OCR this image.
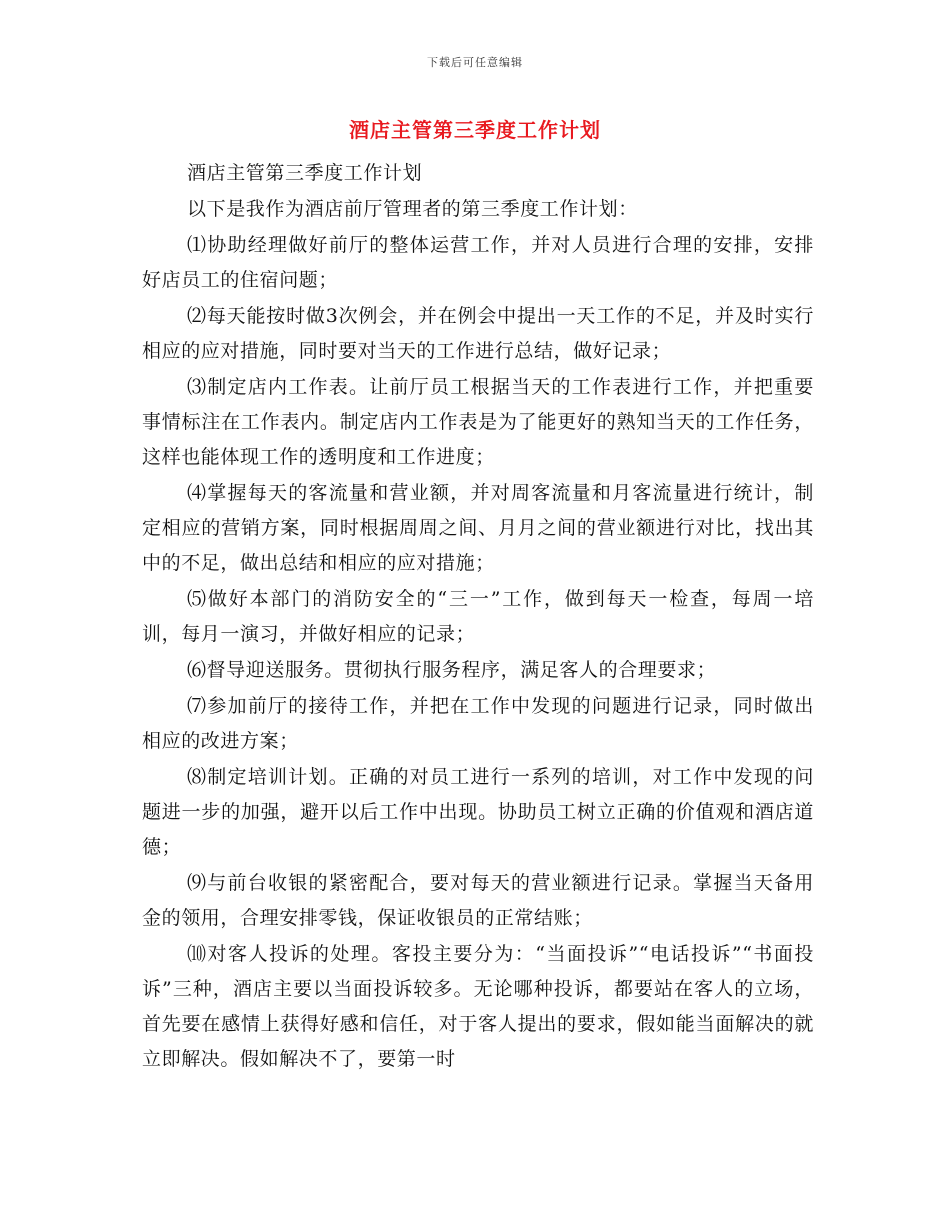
下载后可任意编辑
酒店主管第三季度工作计划

酒店主管第三季度工作计划

以下是我作为酒店前厅管理者的第三季度工作计划：

⑴协助经理做好前厅的整体运营工作，并对人员进行合理的安排，安排好店员工的住宿问题；

⑵每天能按时做3次例会，并在例会中提出一天工作的不足，并及时实行相应的应对措施，同时要对当天的工作进行总结，做好记录；

⑶制定店内工作表。让前厅员工根据当天的工作表进行工作，并把重要事情标注在工作表内。制定店内工作表是为了能更好的熟知当天的工作任务，这样也能体现工作的透明度和工作进度；

⑷掌握每天的客流量和营业额，并对周客流量和月客流量进行统计，制定相应的营销方案，同时根据周周之间、月月之间的营业额进行对比，找出其中的不足，做出总结和相应的应对措施；

⑸做好本部门的消防安全的“三一”工作，做到每天一检查，每周一培训，每月一演习，并做好相应的记录；

⑹督导迎送服务。贯彻执行服务程序，满足客人的合理要求；

⑺参加前厅的接待工作，并把在工作中发现的问题进行记录，同时做出相应的改进方案；

⑻制定培训计划。正确的对员工进行一系列的培训，对工作中发现的问题进一步的加强，避开以后工作中出现。协助员工树立正确的价值观和酒店道德；

⑼与前台收银的紧密配合，要对每天的营业额进行记录。掌握当天备用金的领用，合理安排零钱，保证收银员的正常结账；

⑽对客人投诉的处理。客投主要分为：“当面投诉”“电话投诉”“书面投诉”三种，酒店主要以当面投诉较多。无论哪种投诉，都要站在客人的立场，首先要在感情上获得好感和信任，对于客人提出的要求，假如能当面解决的就立即解决。假如解决不了，要第一时
